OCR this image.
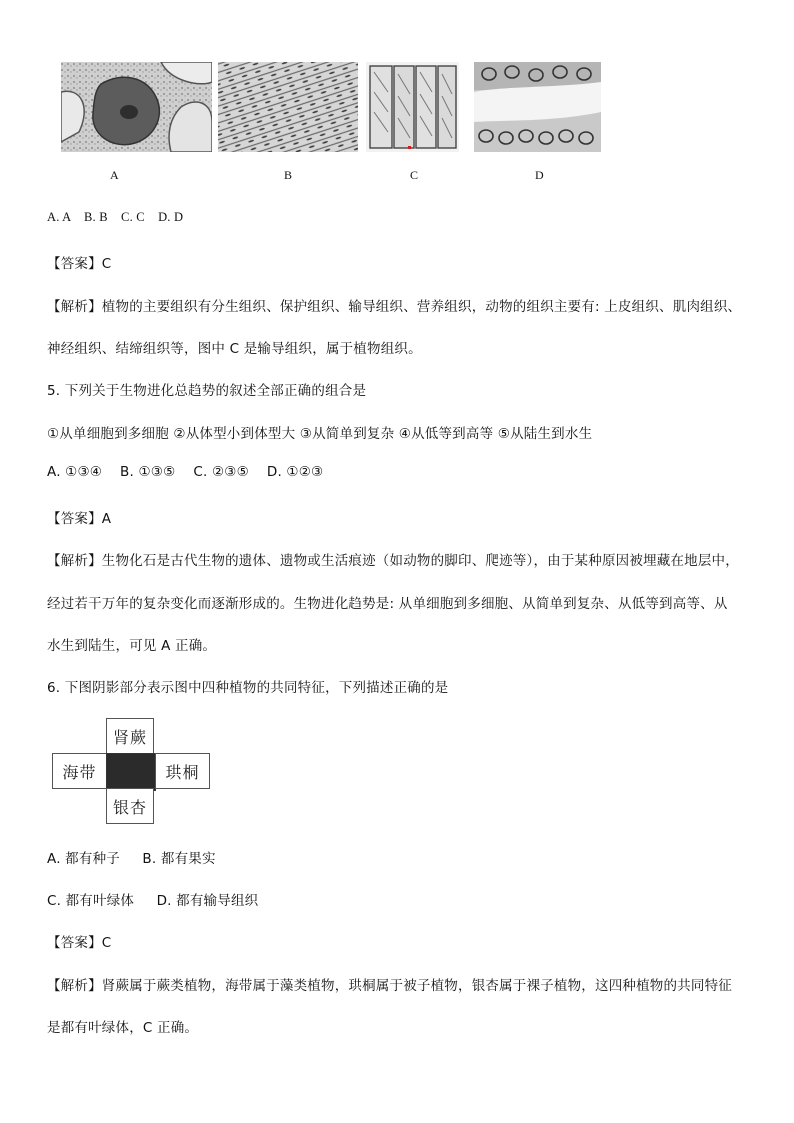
A	B	C	D
A. A    B. B    C. C    D. D
【答案】C
【解析】植物的主要组织有分生组织、保护组织、输导组织、营养组织，动物的组织主要有: 上皮组织、肌肉组织、
神经组织、结缔组织等，图中 C 是输导组织，属于植物组织。
5. 下列关于生物进化总趋势的叙述全部正确的组合是
①从单细胞到多细胞 ②从体型小到体型大 ③从简单到复杂 ④从低等到高等 ⑤从陆生到水生
A. ①③④    B. ①③⑤    C. ②③⑤    D. ①②③
【答案】A
【解析】生物化石是古代生物的遗体、遗物或生活痕迹（如动物的脚印、爬迹等），由于某种原因被埋藏在地层中，
经过若干万年的复杂变化而逐渐形成的。生物进化趋势是: 从单细胞到多细胞、从简单到复杂、从低等到高等、从
水生到陆生，可见 A 正确。
6. 下图阴影部分表示图中四种植物的共同特征，下列描述正确的是
肾蕨
海带	珙桐
银杏
A. 都有种子     B. 都有果实
C. 都有叶绿体     D. 都有输导组织
【答案】C
【解析】肾蕨属于蕨类植物，海带属于藻类植物，珙桐属于被子植物，银杏属于裸子植物，这四种植物的共同特征
是都有叶绿体，C 正确。
